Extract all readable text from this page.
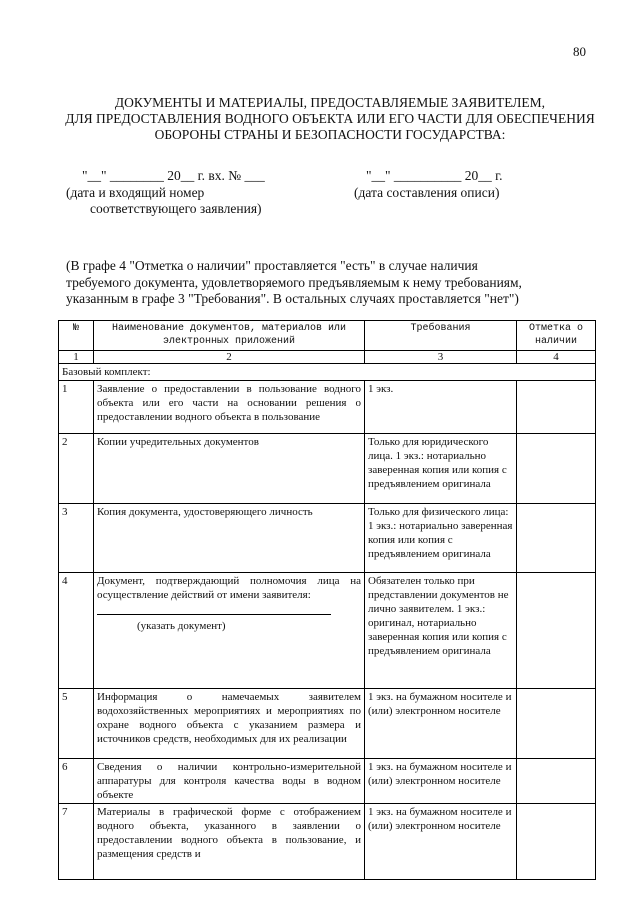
80
ДОКУМЕНТЫ И МАТЕРИАЛЫ, ПРЕДОСТАВЛЯЕМЫЕ ЗАЯВИТЕЛЕМ,
ДЛЯ ПРЕДОСТАВЛЕНИЯ ВОДНОГО ОБЪЕКТА ИЛИ ЕГО ЧАСТИ ДЛЯ ОБЕСПЕЧЕНИЯ
ОБОРОНЫ СТРАНЫ И БЕЗОПАСНОСТИ ГОСУДАРСТВА:
"__" ________ 20__ г. вх. № ___
(дата и входящий номер
соответствующего заявления)
"__" __________ 20__ г.
(дата составления описи)
(В графе 4 "Отметка о наличии" проставляется "есть" в случае наличия
требуемого документа, удовлетворяемого предъявляемым к нему требованиям,
указанным в графе 3 "Требования". В остальных случаях проставляется "нет")
№	Наименование документов, материалов или электронных приложений	Требования	Отметка о наличии
1	2	3	4
Базовый комплект:			
1	Заявление о предоставлении в пользование водного объекта или его части на основании решения о предоставлении водного объекта в пользование	1 экз.	
2	Копии учредительных документов	Только для юридического лица. 1 экз.: нотариально заверенная копия или копия с предъявлением оригинала	
3	Копия документа, удостоверяющего личность	Только для физического лица: 1 экз.: нотариально заверенная копия или копия с предъявлением оригинала	
4	Документ, подтверждающий полномочия лица на осуществление действий от имени заявителя:

(указать документ)	Обязателен только при представлении документов не лично заявителем. 1 экз.: оригинал, нотариально заверенная копия или копия с предъявлением оригинала	
5	Информация о намечаемых заявителем водохозяйственных мероприятиях и мероприятиях по охране водного объекта с указанием размера и источников средств, необходимых для их реализации	1 экз. на бумажном носителе и (или) электронном носителе	
6	Сведения о наличии контрольно-измерительной аппаратуры для контроля качества воды в водном объекте	1 экз. на бумажном носителе и (или) электронном носителе	
7	Материалы в графической форме с отображением водного объекта, указанного в заявлении о предоставлении водного объекта в пользование, и размещения средств и	1 экз. на бумажном носителе и (или) электронном носителе	
